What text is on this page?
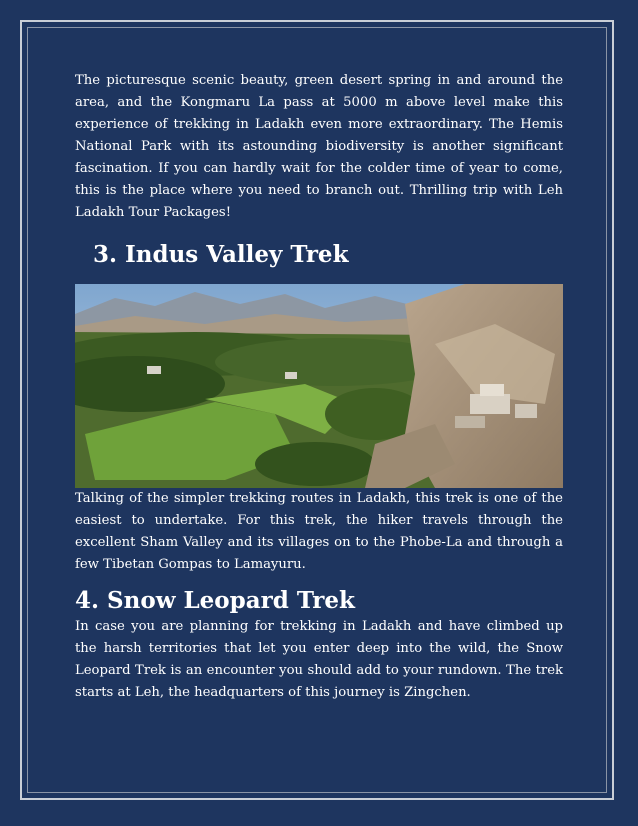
The picturesque scenic beauty, green desert spring in and around the area, and the Kongmaru La pass at 5000 m above level make this experience of trekking in Ladakh even more extraordinary. The Hemis National Park with its astounding biodiversity is another significant fascination. If you can hardly wait for the colder time of year to come, this is the place where you need to branch out. Thrilling trip with Leh Ladakh Tour Packages!

3. Indus Valley Trek

Talking of the simpler trekking routes in Ladakh, this trek is one of the easiest to undertake. For this trek, the hiker travels through the excellent Sham Valley and its villages on to the Phobe-La and through a few Tibetan Gompas to Lamayuru.

4. Snow Leopard Trek

In case you are planning for trekking in Ladakh and have climbed up the harsh territories that let you enter deep into the wild, the Snow Leopard Trek is an encounter you should add to your rundown. The trek starts at Leh, the headquarters of this journey is Zingchen.
